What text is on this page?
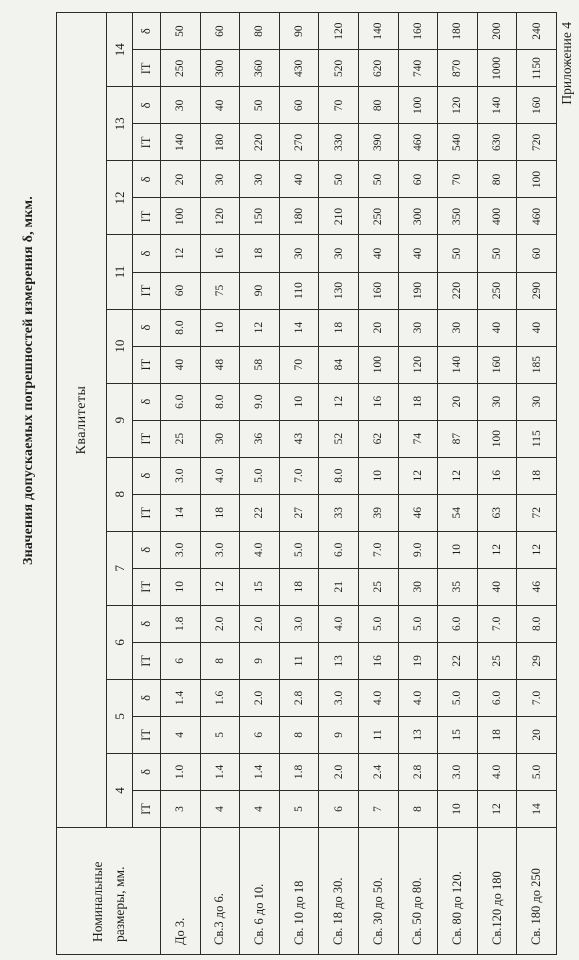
Значения допускаемых погрешностей измерения δ, мкм.
Номинальные размеры, мм.	Квалитеты																					
	4		5		6		7		8		9		10		11		12		13		14	
	IT	δ	IT	δ	IT	δ	IT	δ	IT	δ	IT	δ	IT	δ	IT	δ	IT	δ	IT	δ	IT	δ
До 3.	3	1.0	4	1.4	6	1.8	10	3.0	14	3.0	25	6.0	40	8.0	60	12	100	20	140	30	250	50
Св.3 до 6.	4	1.4	5	1.6	8	2.0	12	3.0	18	4.0	30	8.0	48	10	75	16	120	30	180	40	300	60
Св. 6 до 10.	4	1.4	6	2.0	9	2.0	15	4.0	22	5.0	36	9.0	58	12	90	18	150	30	220	50	360	80
Св. 10 до 18	5	1.8	8	2.8	11	3.0	18	5.0	27	7.0	43	10	70	14	110	30	180	40	270	60	430	90
Св. 18 до 30.	6	2.0	9	3.0	13	4.0	21	6.0	33	8.0	52	12	84	18	130	30	210	50	330	70	520	120
Св. 30 до 50.	7	2.4	11	4.0	16	5.0	25	7.0	39	10	62	16	100	20	160	40	250	50	390	80	620	140
Св. 50 до 80.	8	2.8	13	4.0	19	5.0	30	9.0	46	12	74	18	120	30	190	40	300	60	460	100	740	160
Св. 80 до 120.	10	3.0	15	5.0	22	6.0	35	10	54	12	87	20	140	30	220	50	350	70	540	120	870	180
Св.120 до 180	12	4.0	18	6.0	25	7.0	40	12	63	16	100	30	160	40	250	50	400	80	630	140	1000	200
Св. 180 до 250	14	5.0	20	7.0	29	8.0	46	12	72	18	115	30	185	40	290	60	460	100	720	160	1150	240 Приложение 4
